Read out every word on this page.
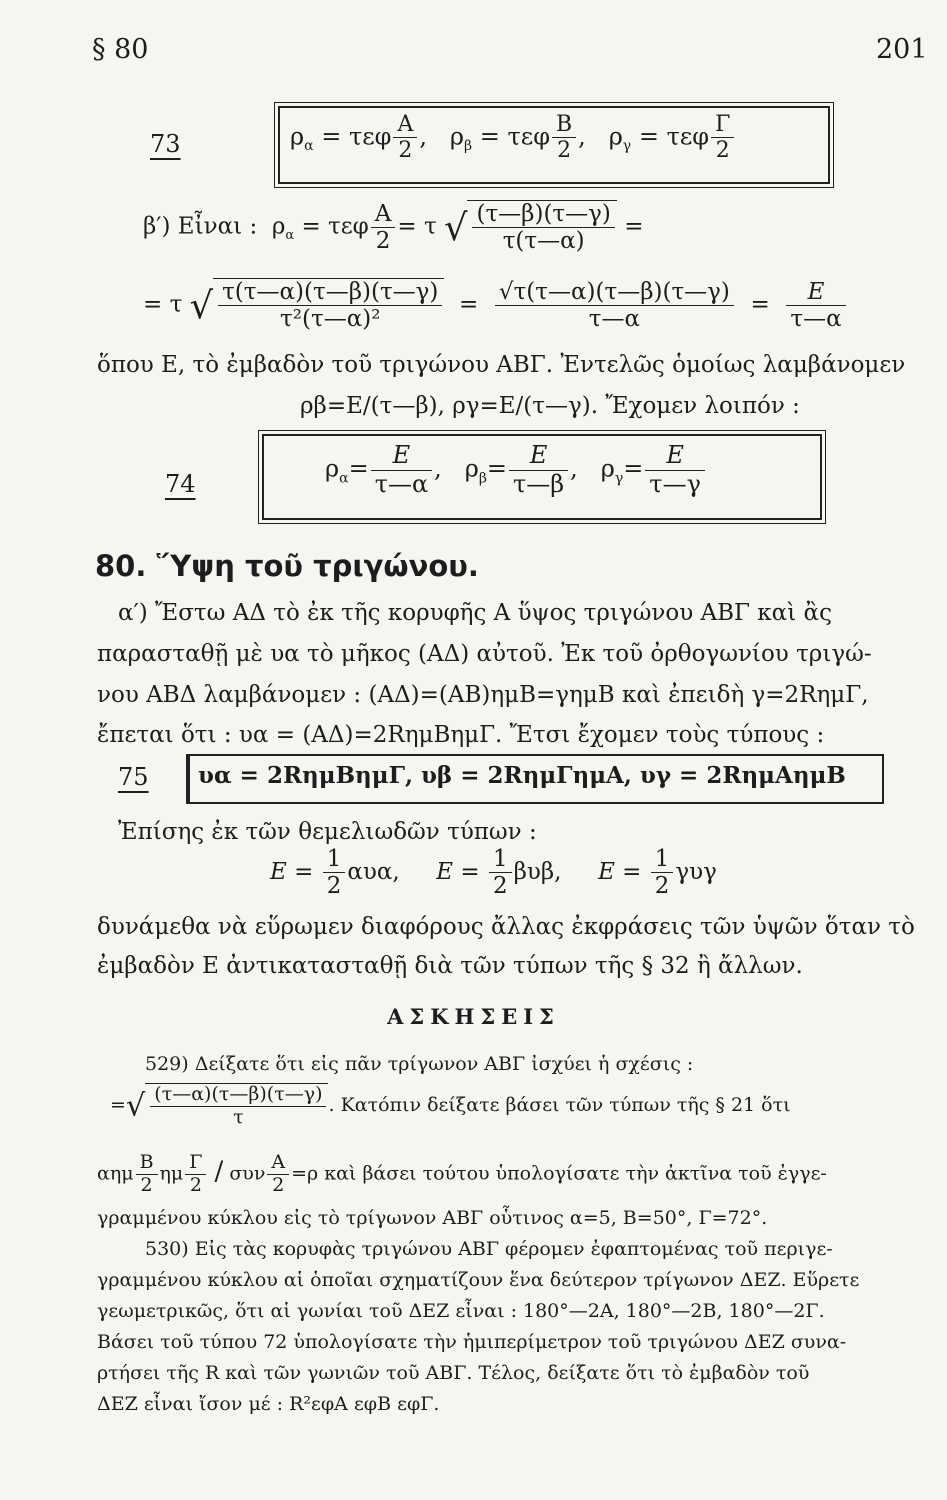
§ 80	201
73	$\rho_\alpha = \tau\varepsilon\varphi \frac{A}{2}$ ,   $\rho_\beta = \tau\varepsilon\varphi \frac{B}{2}$ ,   $\rho_\gamma = \tau\varepsilon\varphi \frac{\Gamma}{2}$
β′) Εἶναι : $\rho_\alpha = \tau\varepsilon\varphi \frac{A}{2} = \tau$ √ $\frac{(\tau—\beta)(\tau—\gamma)}{\tau(\tau—\alpha)}$ =
= τ √ $\frac{\tau(\tau—\alpha)(\tau—\beta)(\tau—\gamma)}{\text{τ²(τ—α)²}} = \frac{√\tau(\tau—\alpha)(\tau—\beta)(\tau—\gamma)}{\tau—\alpha} = \frac{E}{\tau—\alpha}$
ὅπου E, τὸ ἐμβαδὸν τοῦ τριγώνου ΑΒΓ. Ἐντελῶς ὁμοίως λαμβάνομεν
ρβ=E/(τ—β), ργ=E/(τ—γ). Ἔχομεν λοιπόν :
74
$\rho_\alpha= \frac{E}{\tau—\alpha}$ , $\rho_\beta= \frac{E}{\tau—\beta}$ , $\rho_\gamma= \frac{E}{\tau—\gamma}$
80. Ὕψη τοῦ τριγώνου.
α′) Ἔστω ΑΔ τὸ ἐκ τῆς κορυφῆς Α ὕψος τριγώνου ΑΒΓ καὶ ἂς
παρασταθῇ μὲ υα τὸ μῆκος (ΑΔ) αὐτοῦ. Ἐκ τοῦ ὀρθογωνίου τριγώ-
νου ΑΒΔ λαμβάνομεν : (ΑΔ)=(ΑΒ)ημΒ=γημΒ καὶ ἐπειδὴ γ=2RημΓ,
ἔπεται ὅτι : υα = (ΑΔ)=2RημΒημΓ. Ἔτσι ἔχομεν τοὺς τύπους :
75 υα = 2RημΒημΓ, υβ = 2RημΓημΑ, υγ = 2RημΑημΒ
Ἐπίσης ἐκ τῶν θεμελιωδῶν τύπων :
$E = \frac{1}{2} \alpha\upsilon\alpha$, $E = \frac{1}{2} \beta\upsilon\beta$, $E = \frac{1}{2}$ γυγ
δυνάμεθα νὰ εὕρωμεν διαφόρους ἄλλας ἐκφράσεις τῶν ὑψῶν ὅταν τὸ
ἐμβαδὸν E ἀντικατασταθῇ διὰ τῶν τύπων τῆς § 32 ἢ ἄλλων.
ΑΣΚΗΣΕΙΣ
529) Δείξατε ὅτι εἰς πᾶν τρίγωνον ΑΒΓ ἰσχύει ἡ σχέσις :
=√ $\frac{(\tau—\alpha)(\tau—\beta)(\tau—\gamma)}{\tau}$ . Κατόπιν δείξατε βάσει τῶν τύπων τῆς § 21 ὅτι
αημ $\frac{B}{2}$ ημ $\frac{\Gamma}{2} / \sigma\upsilon\nu \frac{A}{2} =\rho$ καὶ βάσει τούτου ὑπολογίσατε τὴν ἀκτῖνα τοῦ ἐγγε-
γραμμένου κύκλου εἰς τὸ τρίγωνον ΑΒΓ οὗτινος α=5, Β=50°, Γ=72°.
530) Εἰς τὰς κορυφὰς τριγώνου ΑΒΓ φέρομεν ἐφαπτομένας τοῦ περιγε-
γραμμένου κύκλου αἱ ὁποῖαι σχηματίζουν ἕνα δεύτερον τρίγωνον ΔΕΖ. Εὕρετε
γεωμετρικῶς, ὅτι αἱ γωνίαι τοῦ ΔΕΖ εἶναι : 180°—2Α, 180°—2Β, 180°—2Γ.
Βάσει τοῦ τύπου 72 ὑπολογίσατε τὴν ἡμιπερίμετρον τοῦ τριγώνου ΔΕΖ συνα-
ρτήσει τῆς R καὶ τῶν γωνιῶν τοῦ ΑΒΓ. Τέλος, δείξατε ὅτι τὸ ἐμβαδὸν τοῦ
ΔΕΖ εἶναι ἴσον μέ : R²εφΑ εφΒ εφΓ.
